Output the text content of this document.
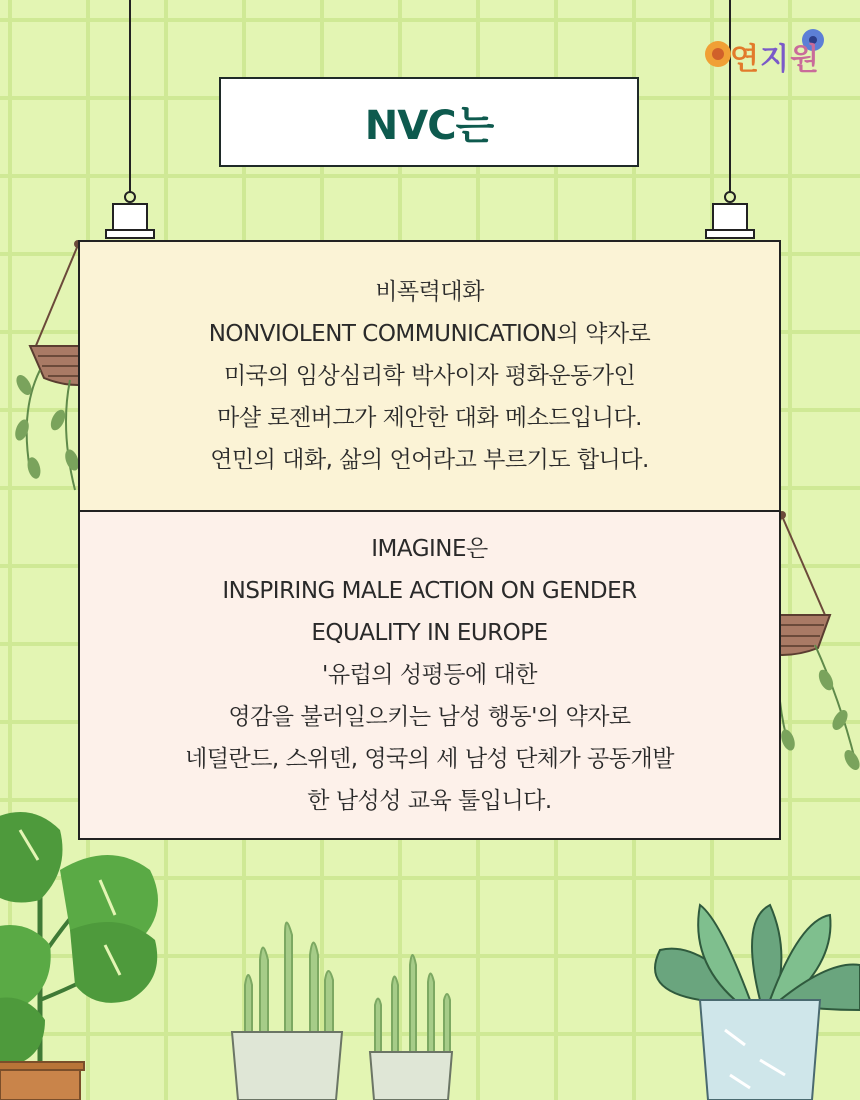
연지원
NVC는
비폭력대화
NONVIOLENT COMMUNICATION의 약자로
미국의 임상심리학 박사이자 평화운동가인
마샬 로젠버그가 제안한 대화 메소드입니다.
연민의 대화, 삶의 언어라고 부르기도 합니다.
IMAGINE은
INSPIRING MALE ACTION ON GENDER
EQUALITY IN EUROPE
'유럽의 성평등에 대한
영감을 불러일으키는 남성 행동'의 약자로
네덜란드, 스위덴, 영국의 세 남성 단체가 공동개발
한 남성성 교육 툴입니다.
